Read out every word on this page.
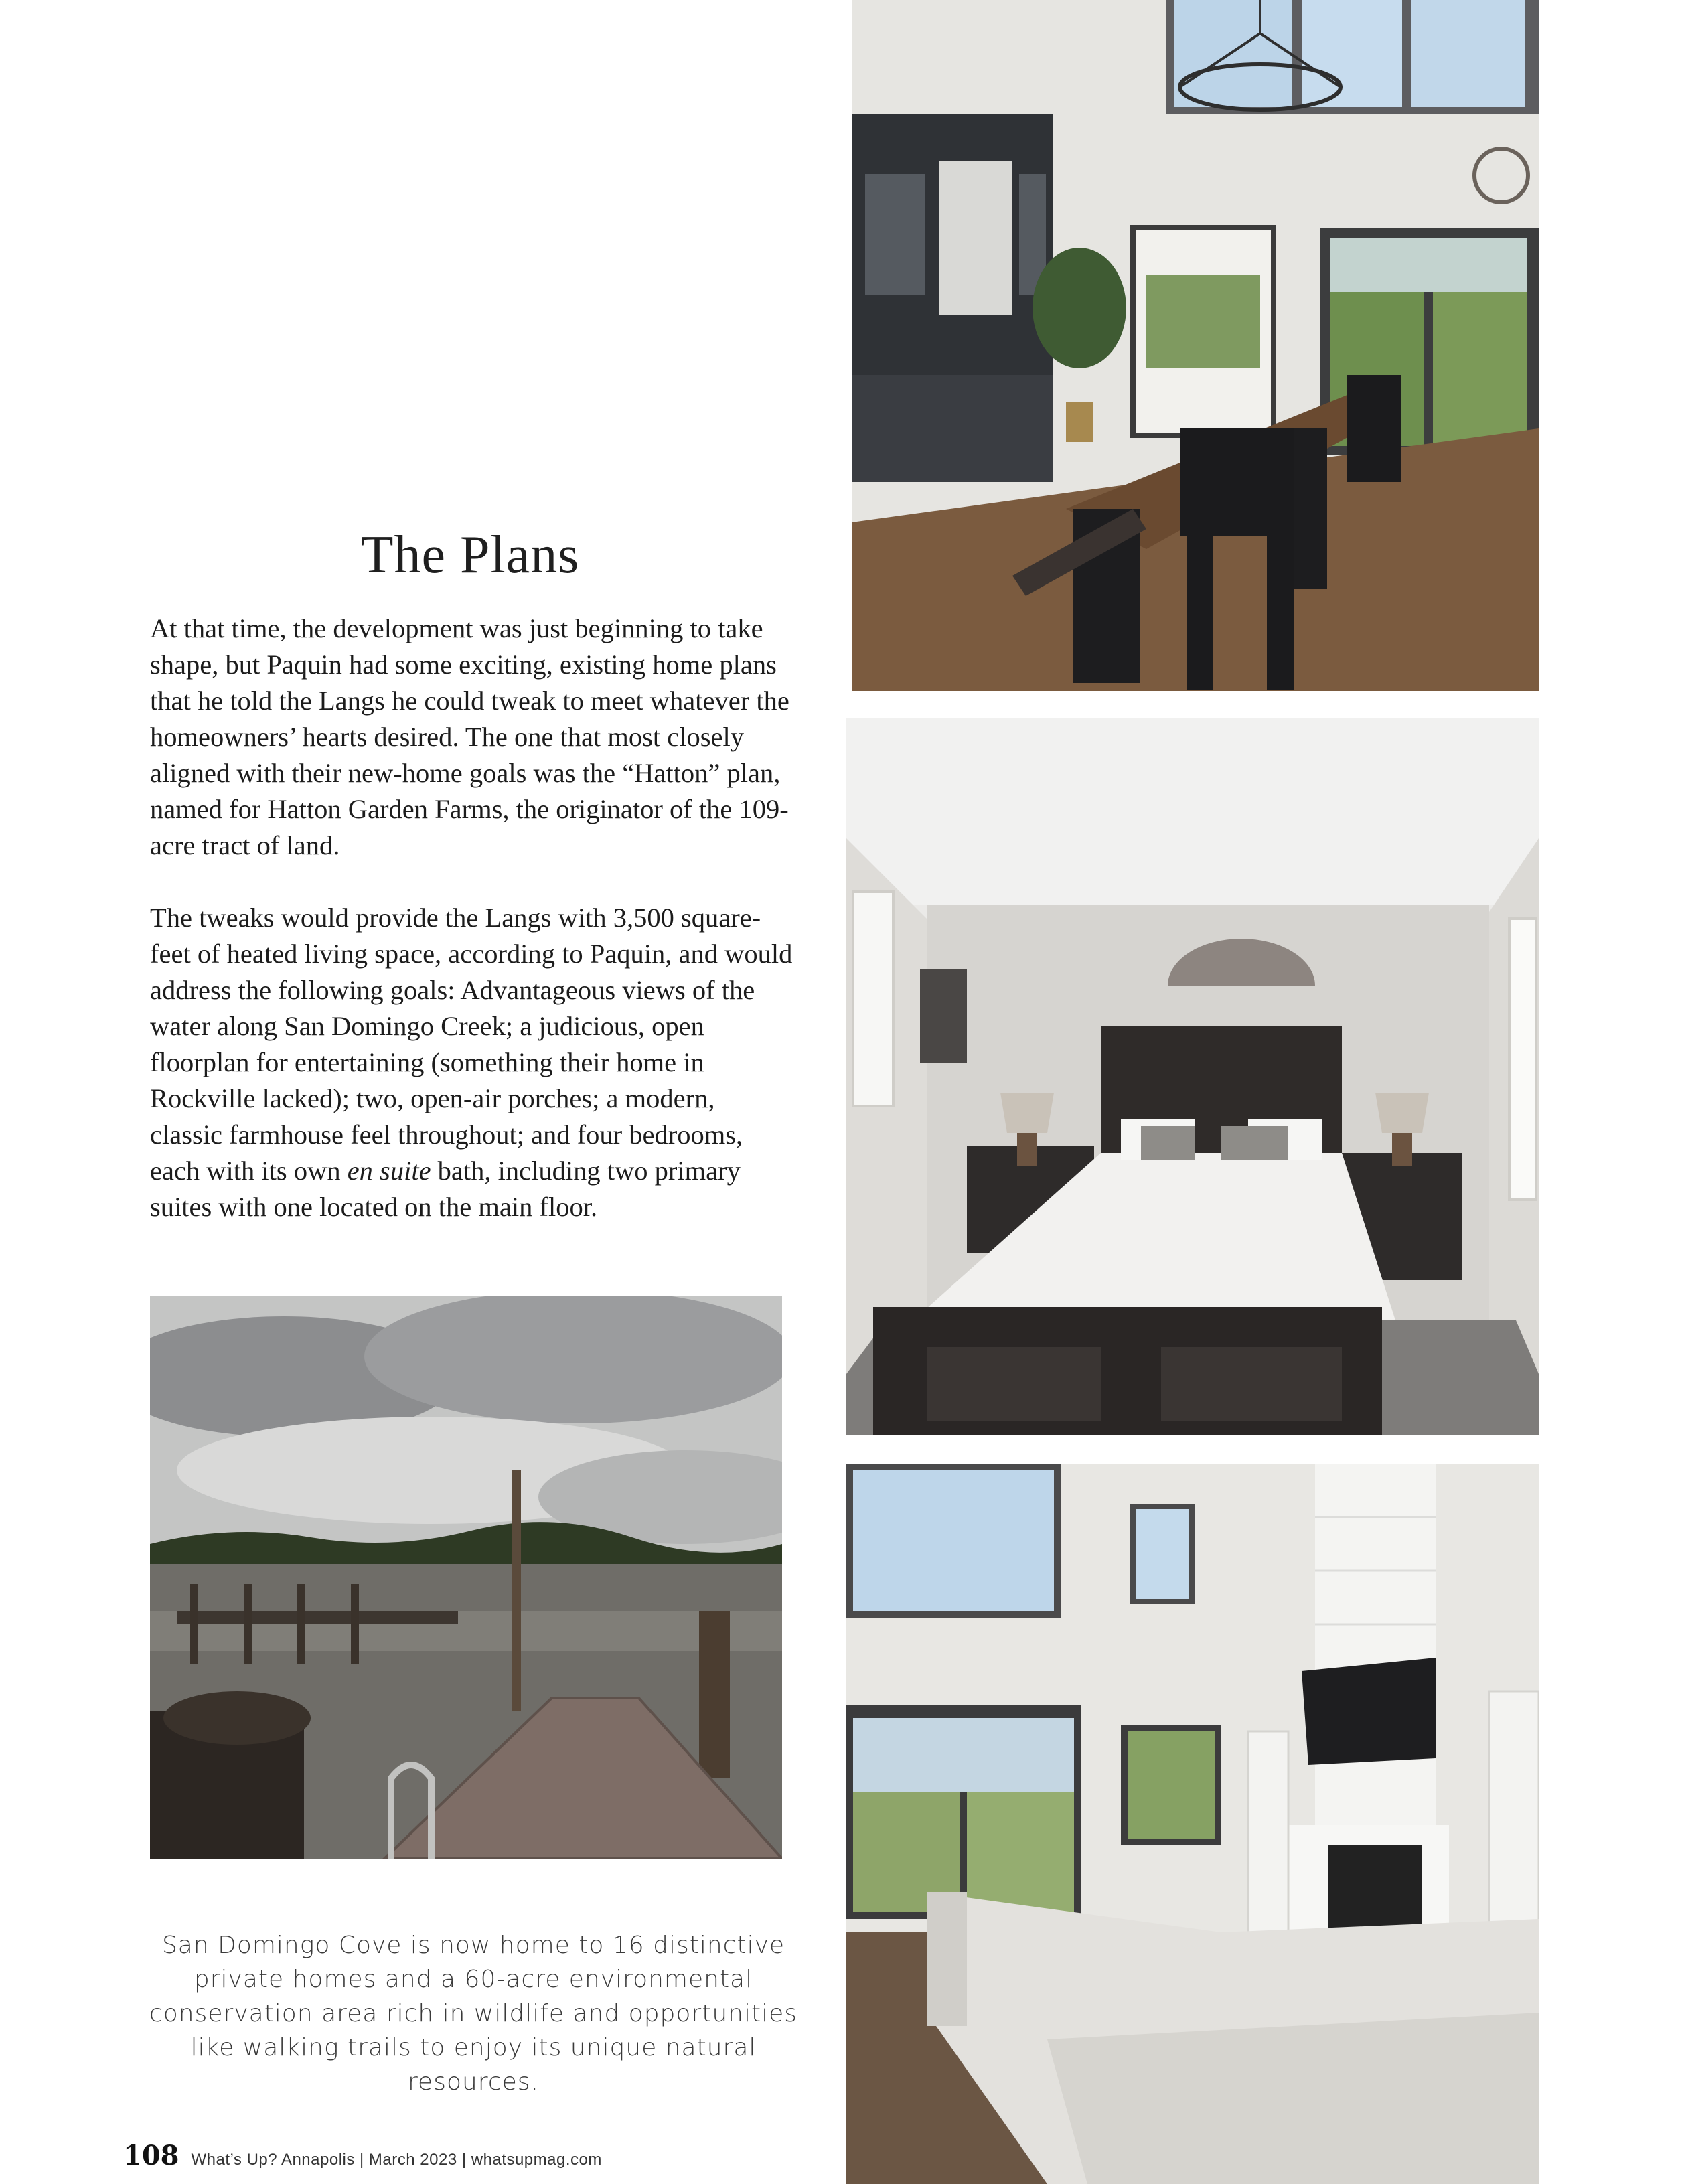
The Plans

At that time, the development was just beginning to take shape, but Paquin had some exciting, existing home plans that he told the Langs he could tweak to meet whatever the homeowners’ hearts desired. The one that most closely aligned with their new-home goals was the “Hatton” plan, named for Hatton Garden Farms, the originator of the 109-acre tract of land.

The tweaks would provide the Langs with 3,500 square-feet of heated living space, according to Paquin, and would address the following goals: Advantageous views of the water along San Domingo Creek; a judicious, open floorplan for entertaining (something their home in Rockville lacked); two, open-air porches; a modern, classic farmhouse feel throughout; and four bedrooms, each with its own en suite bath, including two primary suites with one located on the main floor.

San Domingo Cove is now home to 16 distinctive private homes and a 60-acre environmental conservation area rich in wildlife and opportunities like walking trails to enjoy its unique natural resources.
108 What’s Up? Annapolis | March 2023 | whatsupmag.com
